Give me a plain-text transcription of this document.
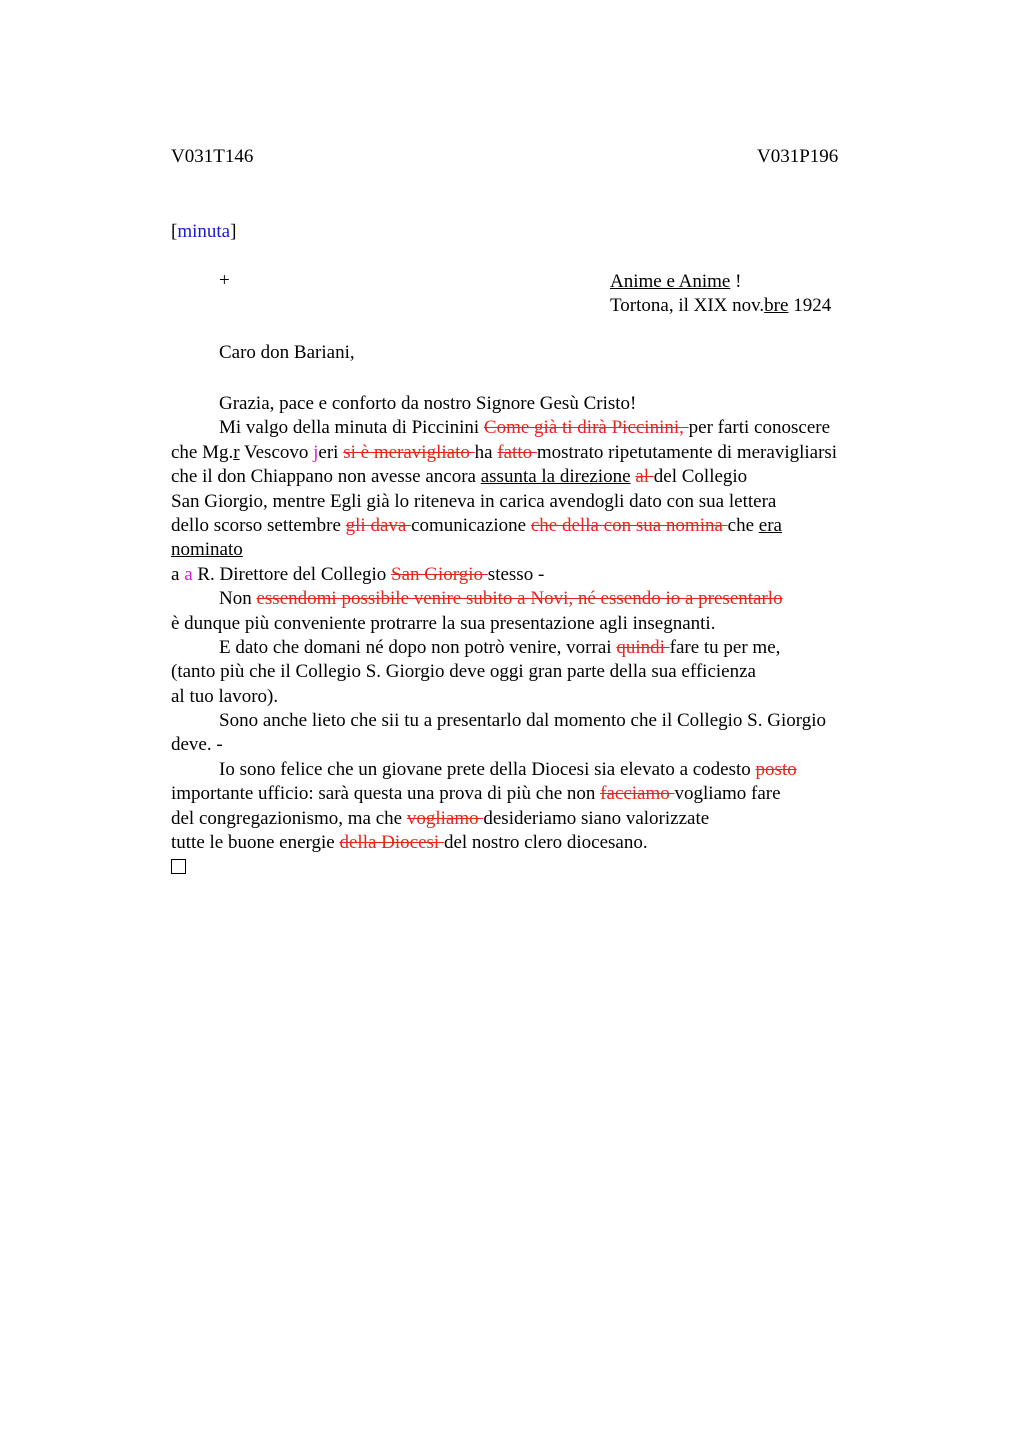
V031T146	V031P196
[minuta]
+	Anime e Anime !
Tortona, il XIX nov.bre 1924
Caro don Bariani,
Grazia, pace e conforto da nostro Signore Gesù Cristo!
Mi valgo della minuta di Piccinini Come già ti dirà Piccinini, per farti conoscere
che Mg.r Vescovo jeri si è meravigliato ha fatto mostrato ripetutamente di meravigliarsi
che il don Chiappano non avesse ancora assunta la direzione al del Collegio
San Giorgio, mentre Egli già lo riteneva in carica avendogli dato con sua lettera
dello scorso settembre gli dava comunicazione che della con sua nomina che era
nominato
a a R. Direttore del Collegio San Giorgio stesso -
Non essendomi possibile venire subito a Novi, né essendo io a presentarlo
è dunque più conveniente protrarre la sua presentazione agli insegnanti.
E dato che domani né dopo non potrò venire, vorrai quindi fare tu per me,
(tanto più che il Collegio S. Giorgio deve oggi gran parte della sua efficienza
al tuo lavoro).
Sono anche lieto che sii tu a presentarlo dal momento che il Collegio S. Giorgio
deve. -
Io sono felice che un giovane prete della Diocesi sia elevato a codesto posto
importante ufficio: sarà questa una prova di più che non facciamo vogliamo fare
del congregazionismo, ma che vogliamo desideriamo siano valorizzate
tutte le buone energie della Diocesi del nostro clero diocesano.
